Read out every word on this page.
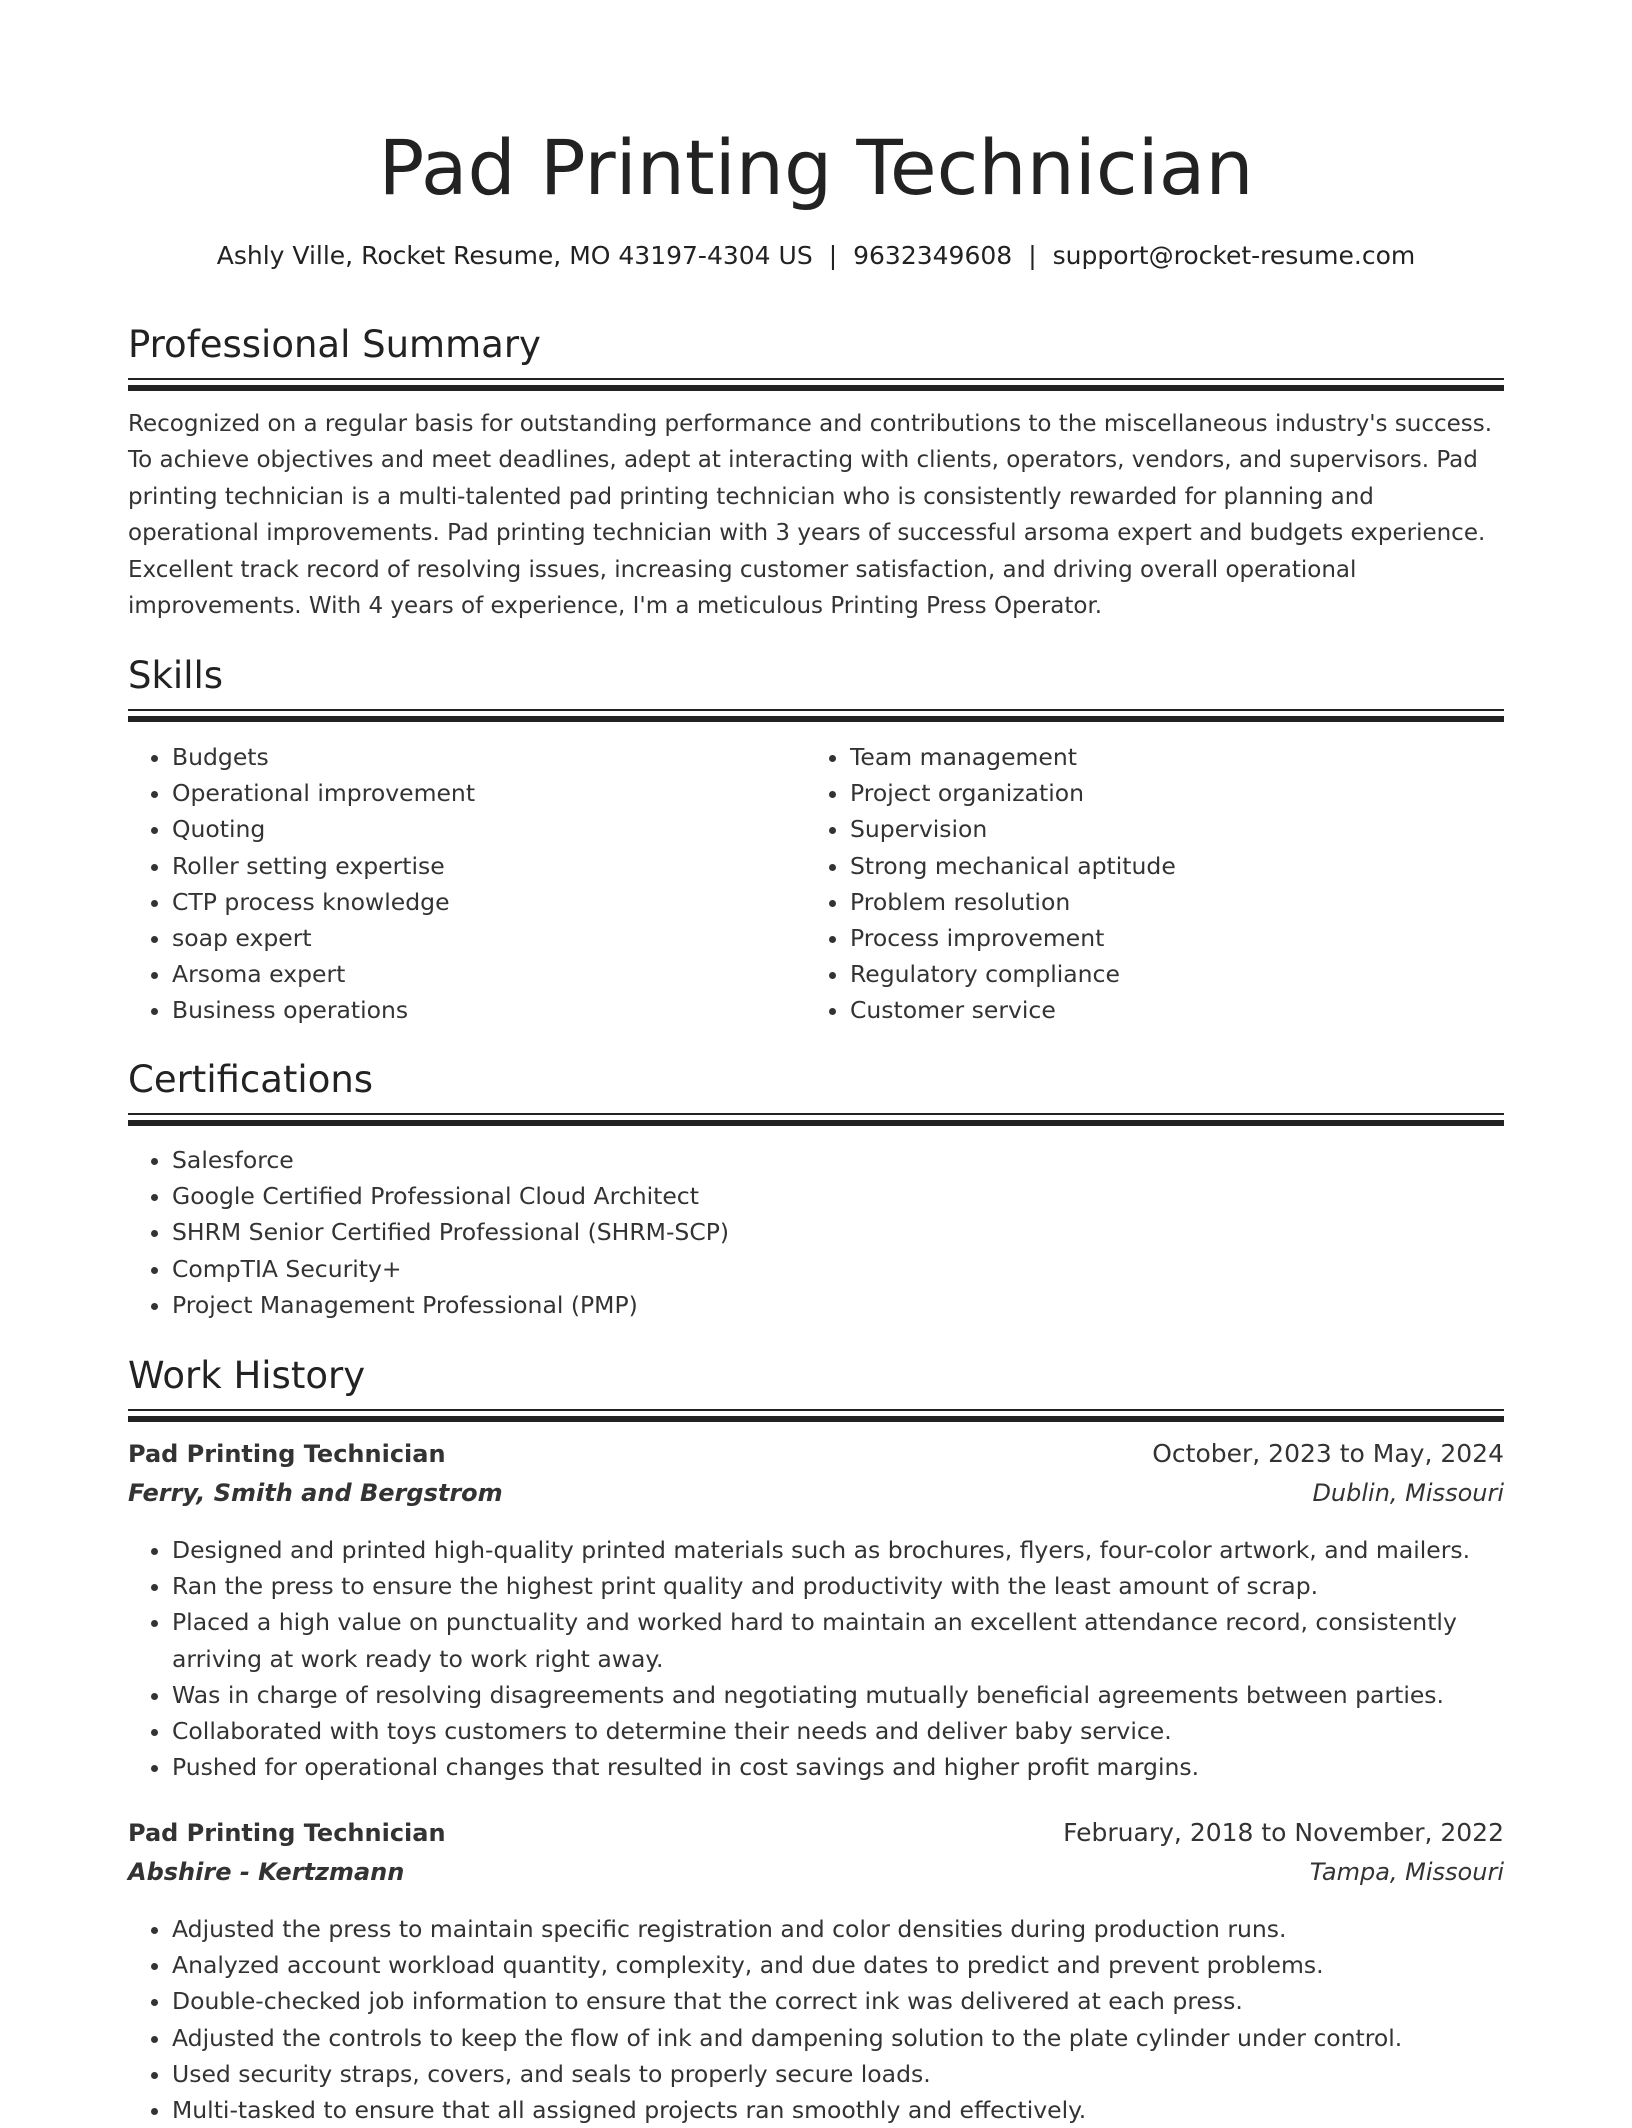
Pad Printing Technician
Ashly Ville, Rocket Resume, MO 43197-4304 US | 9632349608 | support@rocket-resume.com
Professional Summary

Recognized on a regular basis for outstanding performance and contributions to the miscellaneous industry's success. To achieve objectives and meet deadlines, adept at interacting with clients, operators, vendors, and supervisors. Pad printing technician is a multi-talented pad printing technician who is consistently rewarded for planning and operational improvements. Pad printing technician with 3 years of successful arsoma expert and budgets experience. Excellent track record of resolving issues, increasing customer satisfaction, and driving overall operational improvements. With 4 years of experience, I'm a meticulous Printing Press Operator.

Skills
• Budgets
• Operational improvement
• Quoting
• Roller setting expertise
• CTP process knowledge
• soap expert
• Arsoma expert
• Business operations
• Team management
• Project organization
• Supervision
• Strong mechanical aptitude
• Problem resolution
• Process improvement
• Regulatory compliance
• Customer service
Certifications
• Salesforce
• Google Certified Professional Cloud Architect
• SHRM Senior Certified Professional (SHRM-SCP)
• CompTIA Security+
• Project Management Professional (PMP)
Work History
Pad Printing Technician	October, 2023 to May, 2024
Ferry, Smith and Bergstrom	Dublin, Missouri
• Designed and printed high-quality printed materials such as brochures, flyers, four-color artwork, and mailers.
• Ran the press to ensure the highest print quality and productivity with the least amount of scrap.
• Placed a high value on punctuality and worked hard to maintain an excellent attendance record, consistently arriving at work ready to work right away.
• Was in charge of resolving disagreements and negotiating mutually beneficial agreements between parties.
• Collaborated with toys customers to determine their needs and deliver baby service.
• Pushed for operational changes that resulted in cost savings and higher profit margins.
Pad Printing Technician	February, 2018 to November, 2022
Abshire - Kertzmann	Tampa, Missouri
• Adjusted the press to maintain specific registration and color densities during production runs.
• Analyzed account workload quantity, complexity, and due dates to predict and prevent problems.
• Double-checked job information to ensure that the correct ink was delivered at each press.
• Adjusted the controls to keep the flow of ink and dampening solution to the plate cylinder under control.
• Used security straps, covers, and seals to properly secure loads.
• Multi-tasked to ensure that all assigned projects ran smoothly and effectively.
